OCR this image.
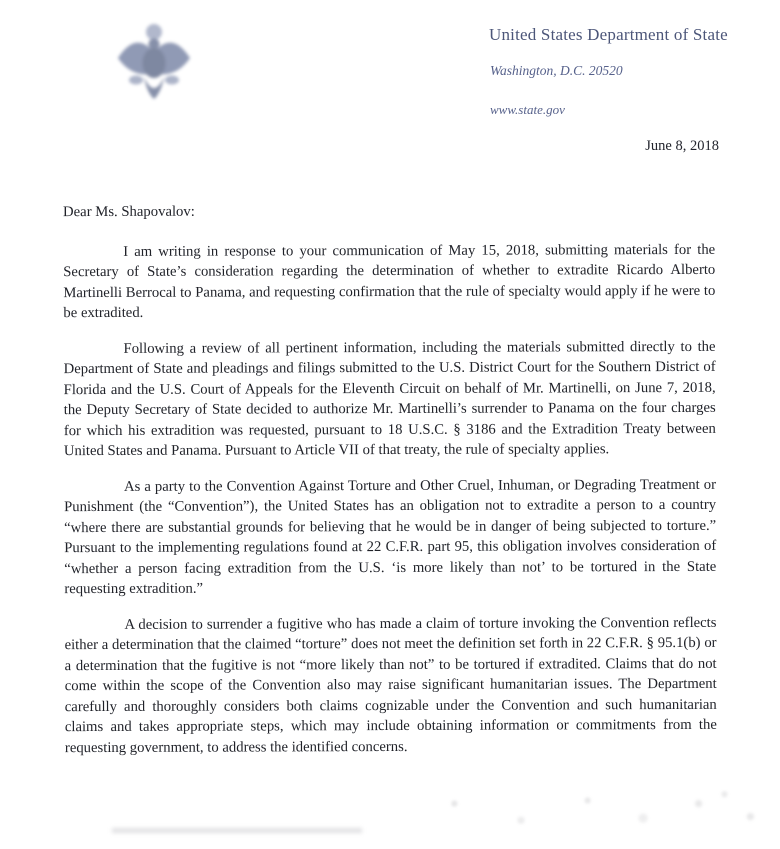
United States Department of State
Washington, D.C. 20520
www.state.gov
June 8, 2018

Dear Ms. Shapovalov:

I am writing in response to your communication of May 15, 2018, submitting materials for the Secretary of State’s consideration regarding the determination of whether to extradite Ricardo Alberto Martinelli Berrocal to Panama, and requesting confirmation that the rule of specialty would apply if he were to be extradited.

Following a review of all pertinent information, including the materials submitted directly to the Department of State and pleadings and filings submitted to the U.S. District Court for the Southern District of Florida and the U.S. Court of Appeals for the Eleventh Circuit on behalf of Mr. Martinelli, on June 7, 2018, the Deputy Secretary of State decided to authorize Mr. Martinelli’s surrender to Panama on the four charges for which his extradition was requested, pursuant to 18 U.S.C. § 3186 and the Extradition Treaty between United States and Panama. Pursuant to Article VII of that treaty, the rule of specialty applies.

As a party to the Convention Against Torture and Other Cruel, Inhuman, or Degrading Treatment or Punishment (the “Convention”), the United States has an obligation not to extradite a person to a country “where there are substantial grounds for believing that he would be in danger of being subjected to torture.” Pursuant to the implementing regulations found at 22 C.F.R. part 95, this obligation involves consideration of “whether a person facing extradition from the U.S. ‘is more likely than not’ to be tortured in the State requesting extradition.”

A decision to surrender a fugitive who has made a claim of torture invoking the Convention reflects either a determination that the claimed “torture” does not meet the definition set forth in 22 C.F.R. § 95.1(b) or a determination that the fugitive is not “more likely than not” to be tortured if extradited. Claims that do not come within the scope of the Convention also may raise significant humanitarian issues. The Department carefully and thoroughly considers both claims cognizable under the Convention and such humanitarian claims and takes appropriate steps, which may include obtaining information or commitments from the requesting government, to address the identified concerns.
